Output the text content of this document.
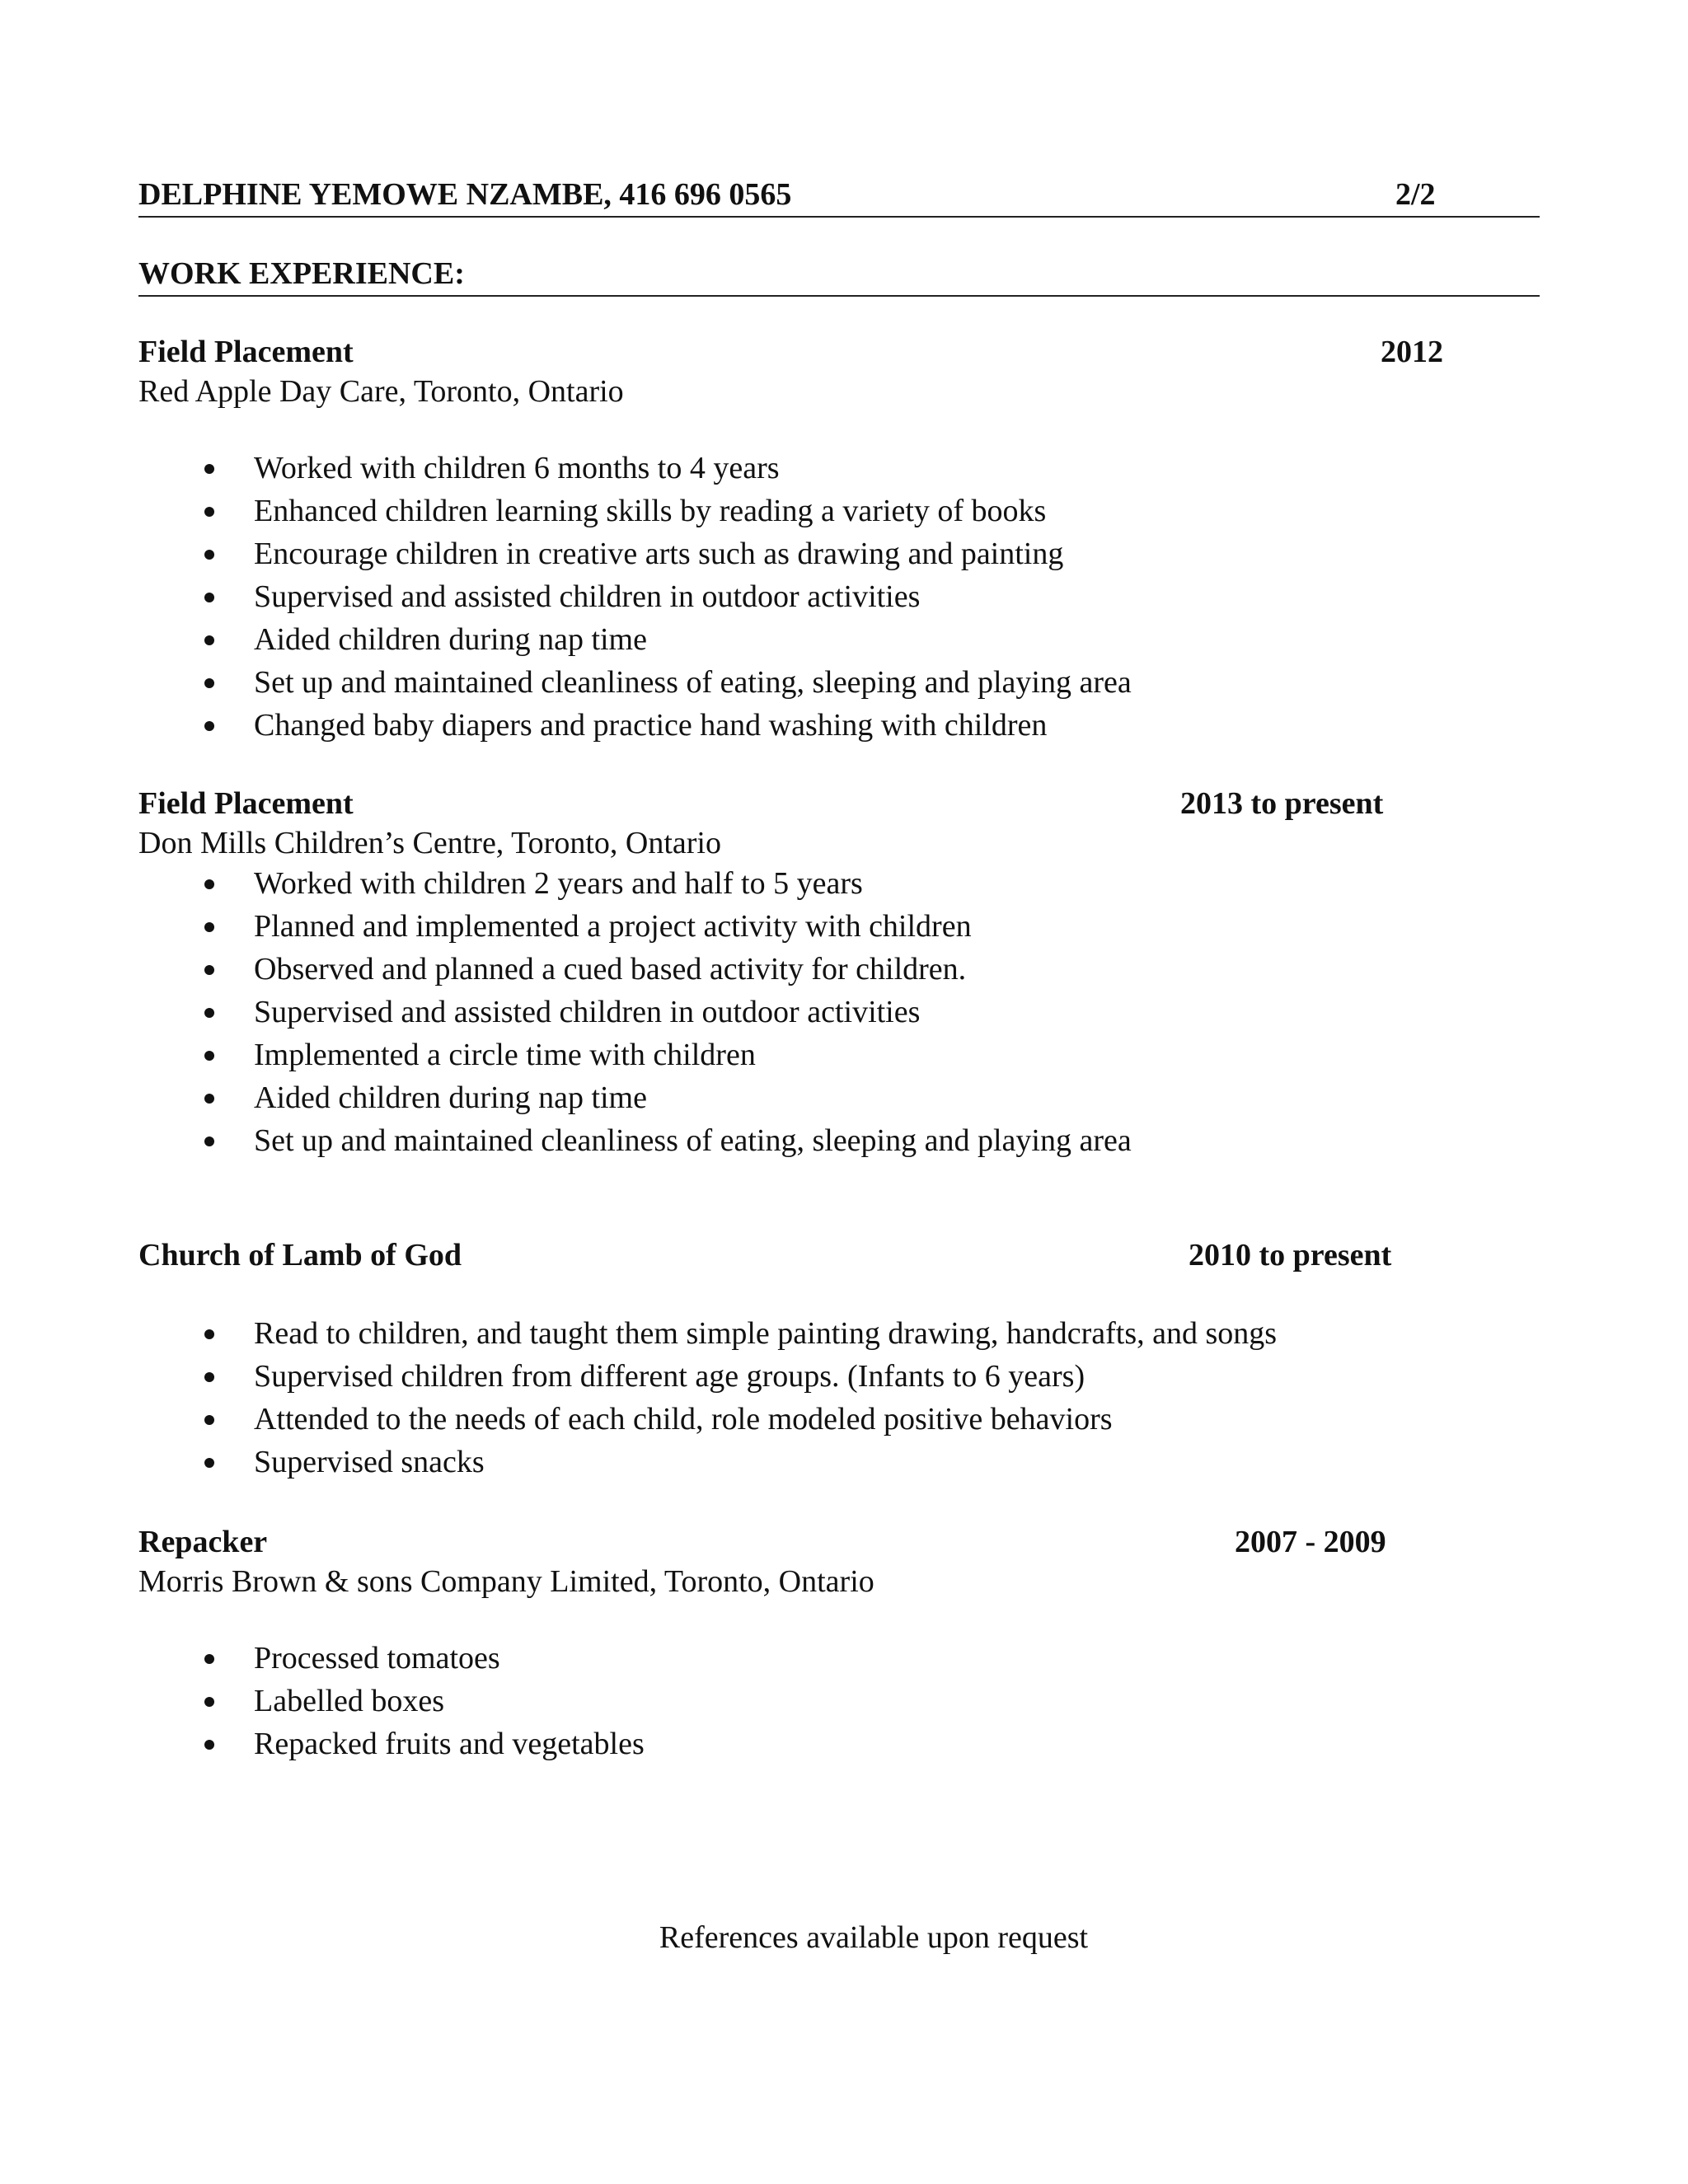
DELPHINE YEMOWE NZAMBE, 416 696 0565	2/2
WORK EXPERIENCE:
Field Placement	2012
Red Apple Day Care, Toronto, Ontario
Worked with children 6 months to 4 years
Enhanced children learning skills by reading a variety of books
Encourage children in creative arts such as drawing and painting
Supervised and assisted children in outdoor activities
Aided children during nap time
Set up and maintained cleanliness of eating, sleeping and playing area
Changed baby diapers and practice hand washing with children
Field Placement	2013 to present
Don Mills Children’s Centre, Toronto, Ontario
Worked with children 2 years and half to 5 years
Planned and implemented a project activity with children
Observed and planned a cued based activity for children.
Supervised and assisted children in outdoor activities
Implemented a circle time with children
Aided children during nap time
Set up and maintained cleanliness of eating, sleeping and playing area
Church of Lamb of God	2010 to present
Read to children, and taught them simple painting drawing, handcrafts, and songs
Supervised children from different age groups. (Infants to 6 years)
Attended to the needs of each child, role modeled positive behaviors
Supervised snacks
Repacker	2007 - 2009
Morris Brown & sons Company Limited, Toronto, Ontario
Processed tomatoes
Labelled boxes
Repacked fruits and vegetables
References available upon request
